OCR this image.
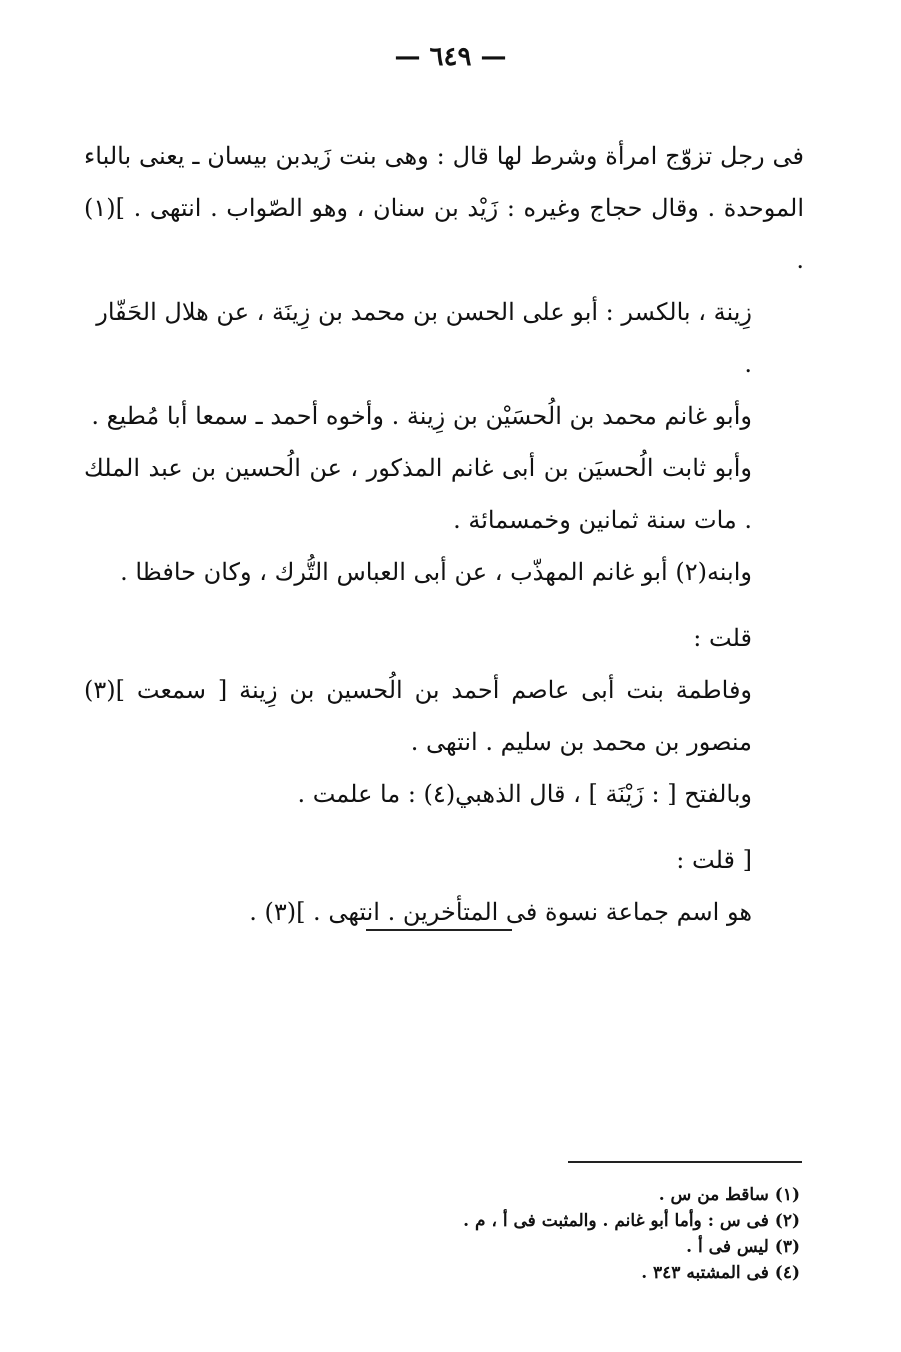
— ٦٤٩ —

فى رجل تزوّج امرأة وشرط لها قال : وهى بنت زَيدبن بيسان ـ يعنى بالباء الموحدة . وقال حجاج وغيره : زَيْد بن سنان ، وهو الصّواب . انتهى . ](١) .

زِينة ، بالكسر : أبو على الحسن بن محمد بن زِينَة ، عن هلال الحَفّار .

وأبو غانم محمد بن الُحسَيْن بن زِينة . وأخوه أحمد ـ سمعا أبا مُطيع .

وأبو ثابت الُحسيَن بن أبى غانم المذكور ، عن الُحسين بن عبد الملك . مات سنة ثمانين وخمسمائة .

وابنه(٢) أبو غانم المهذّب ، عن أبى العباس التُّرك ، وكان حافظا .

قلت :

وفاطمة بنت أبى عاصم أحمد بن الُحسين بن زِينة [ سمعت ](٣) منصور بن محمد بن سليم . انتهى .

وبالفتح [ : زَيْنَة ] ، قال الذهبي(٤) : ما علمت .

[ قلت :

هو اسم جماعة نسوة فى المتأخرين . انتهى . ](٣) .

(١) ساقط من س .
(٢) فى س : وأما أبو غانم . والمثبت فى أ ، م .
(٣) ليس فى أ .
(٤) فى المشتبه ٣٤٣ .
